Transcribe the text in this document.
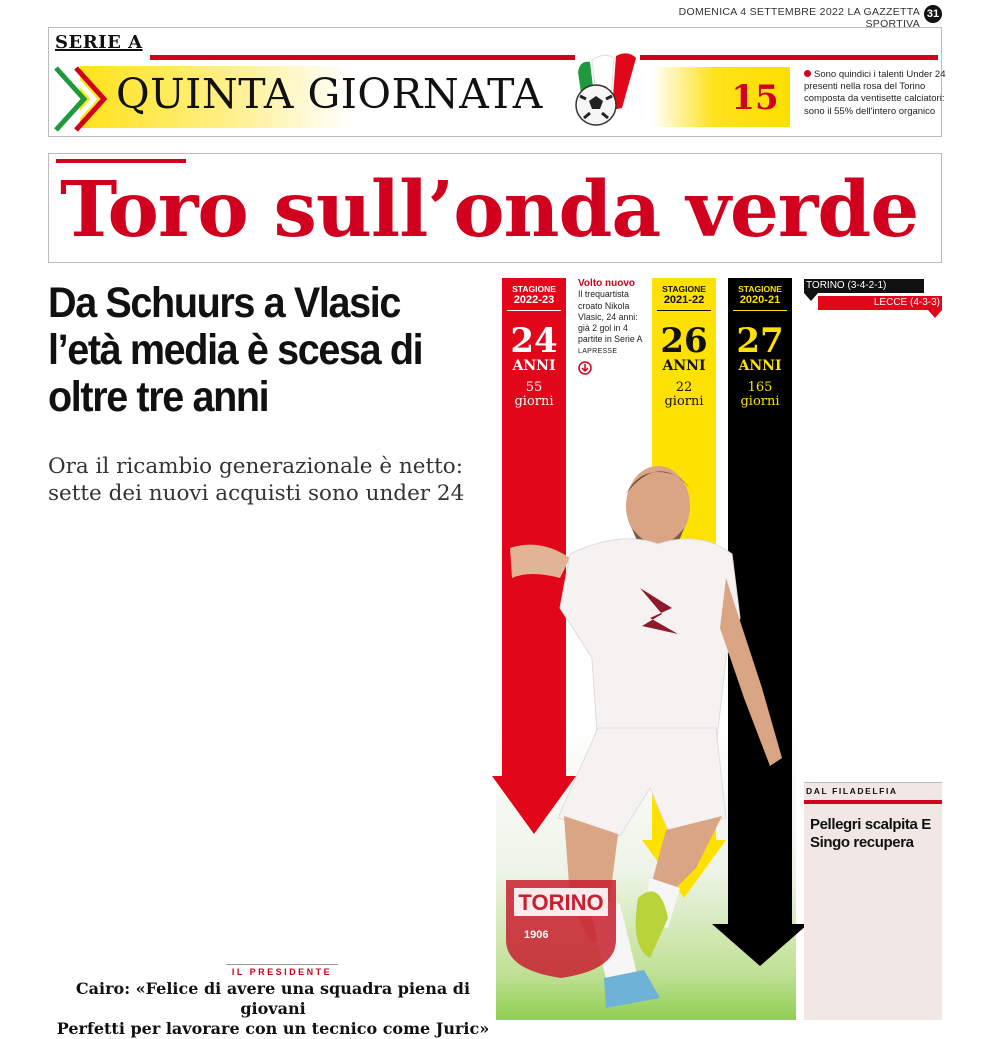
DOMENICA 4 SETTEMBRE 2022 LA GAZZETTA SPORTIVA
31
SERIE A
QUINTA GIORNATA	15
Sono quindici i talenti Under 24 presenti nella rosa del Torino composta da ventisette calciatori: sono il 55% dell'intero organico
Toro sull’onda verde
Da Schuurs a Vlasic l’età media è scesa di oltre tre anni
Ora il ricambio generazionale è netto: sette dei nuovi acquisti sono under 24
STAGIONE
2022-23
24
ANNI
55
giorni
Volto nuovo
Il trequartista croato Nikola Vlasic, 24 anni: già 2 gol in 4 partite in Serie A
LAPRESSE
STAGIONE
2021-22
26
ANNI
22
giorni
STAGIONE
2020-21
27
ANNI
165
giorni
TORINO
1906
TORINO (3-4-2-1)
LECCE (4-3-3)
DAL FILADELFIA
Pellegri scalpita E Singo recupera
IL PRESIDENTE
Cairo: «Felice di avere una squadra piena di giovani
Perfetti per lavorare con un tecnico come Juric»
